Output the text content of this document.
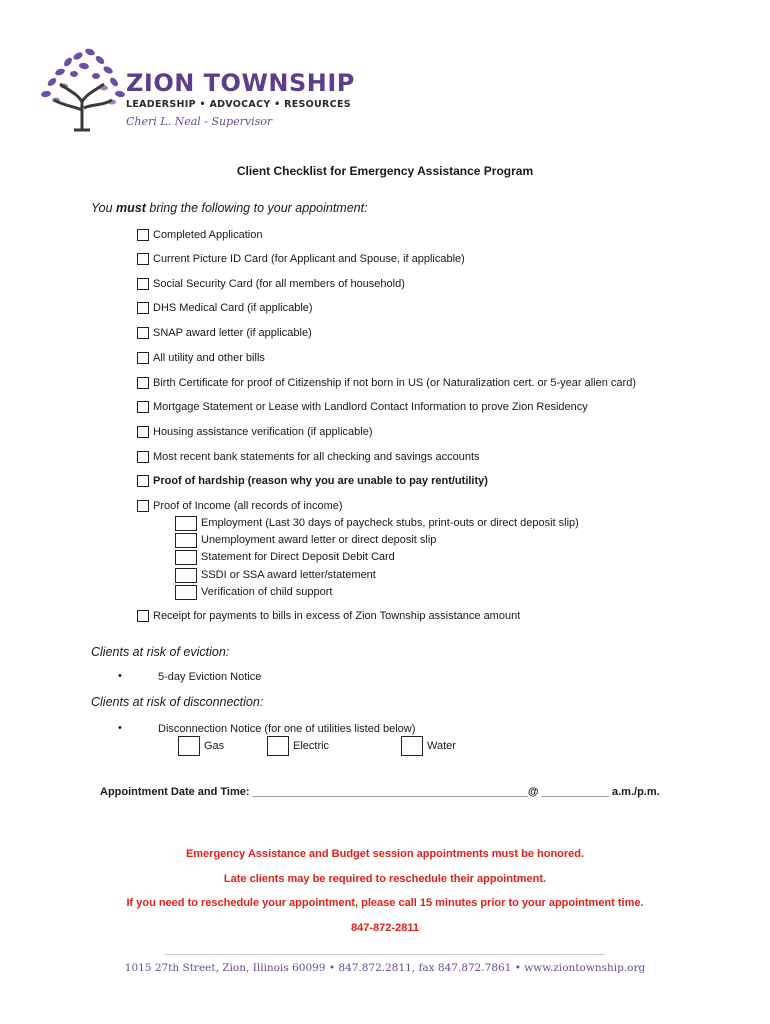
ZION TOWNSHIP
LEADERSHIP • ADVOCACY • RESOURCES
Cheri L. Neal - Supervisor
Client Checklist for Emergency Assistance Program
You must bring the following to your appointment:
Completed Application
Current Picture ID Card (for Applicant and Spouse, if applicable)
Social Security Card (for all members of household)
DHS Medical Card (if applicable)
SNAP award letter (if applicable)
All utility and other bills
Birth Certificate for proof of Citizenship if not born in US (or Naturalization cert. or 5-year alien card)
Mortgage Statement or Lease with Landlord Contact Information to prove Zion Residency
Housing assistance verification (if applicable)
Most recent bank statements for all checking and savings accounts
Proof of hardship (reason why you are unable to pay rent/utility)
Proof of Income (all records of income)
Employment (Last 30 days of paycheck stubs, print-outs or direct deposit slip)
Unemployment award letter or direct deposit slip
Statement for Direct Deposit Debit Card
SSDI or SSA award letter/statement
Verification of child support
Receipt for payments to bills in excess of Zion Township assistance amount
Clients at risk of eviction:
•	5-day Eviction Notice
Clients at risk of disconnection:
•	Disconnection Notice (for one of utilities listed below)
Gas	Electric	Water
Appointment Date and Time: _____________________________________________@ ___________ a.m./p.m.
Emergency Assistance and Budget session appointments must be honored.
Late clients may be required to reschedule their appointment.
If you need to reschedule your appointment, please call 15 minutes prior to your appointment time.
847-872-2811
1015 27th Street, Zion, Illinois 60099 • 847.872.2811, fax 847.872.7861 • www.ziontownship.org
